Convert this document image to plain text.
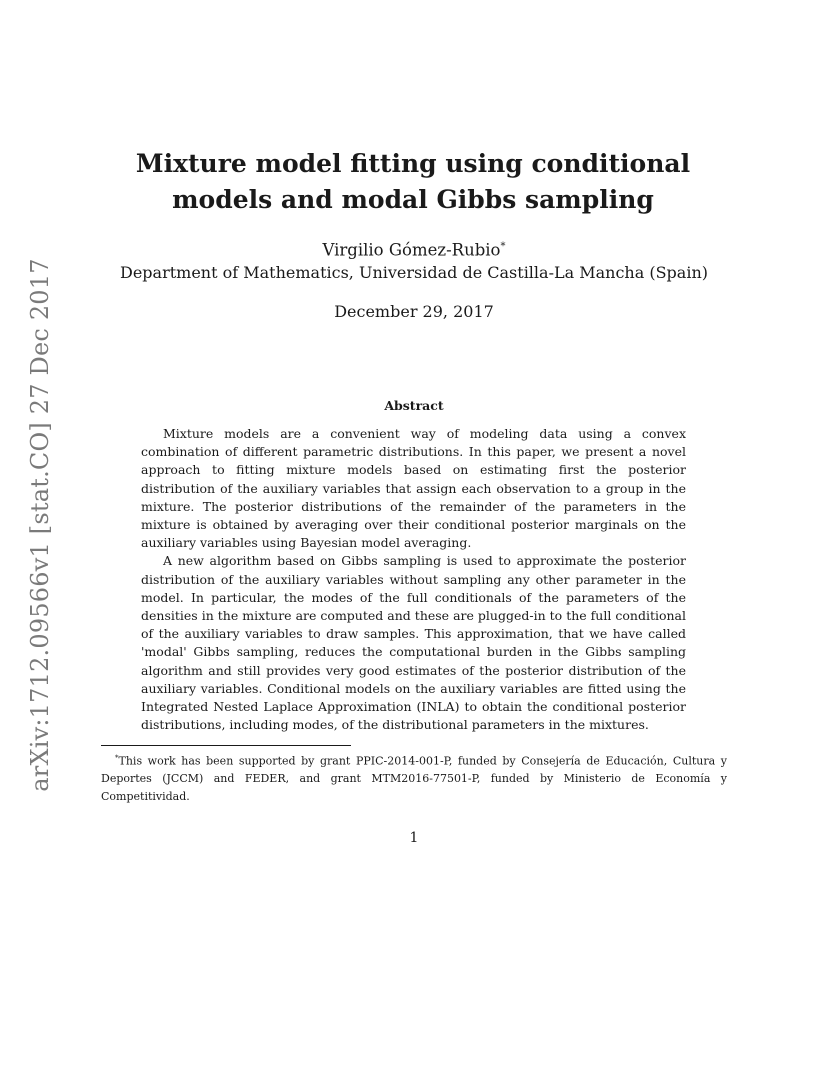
arXiv:1712.09566v1 [stat.CO] 27 Dec 2017
Mixture model fitting using conditional models and modal Gibbs sampling
Virgilio Gómez-Rubio*
Department of Mathematics, Universidad de Castilla-La Mancha (Spain)
December 29, 2017
Abstract

Mixture models are a convenient way of modeling data using a convex combination of different parametric distributions. In this paper, we present a novel approach to fitting mixture models based on estimating first the posterior distribution of the auxiliary variables that assign each observation to a group in the mixture. The posterior distributions of the remainder of the parameters in the mixture is obtained by averaging over their conditional posterior marginals on the auxiliary variables using Bayesian model averaging.

A new algorithm based on Gibbs sampling is used to approximate the posterior distribution of the auxiliary variables without sampling any other parameter in the model. In particular, the modes of the full conditionals of the parameters of the densities in the mixture are computed and these are plugged-in to the full conditional of the auxiliary variables to draw samples. This approximation, that we have called 'modal' Gibbs sampling, reduces the computational burden in the Gibbs sampling algorithm and still provides very good estimates of the posterior distribution of the auxiliary variables. Conditional models on the auxiliary variables are fitted using the Integrated Nested Laplace Approximation (INLA) to obtain the conditional posterior distributions, including modes, of the distributional parameters in the mixtures.

*This work has been supported by grant PPIC-2014-001-P, funded by Consejería de Educación, Cultura y Deportes (JCCM) and FEDER, and grant MTM2016-77501-P, funded by Ministerio de Economía y Competitividad.

1
